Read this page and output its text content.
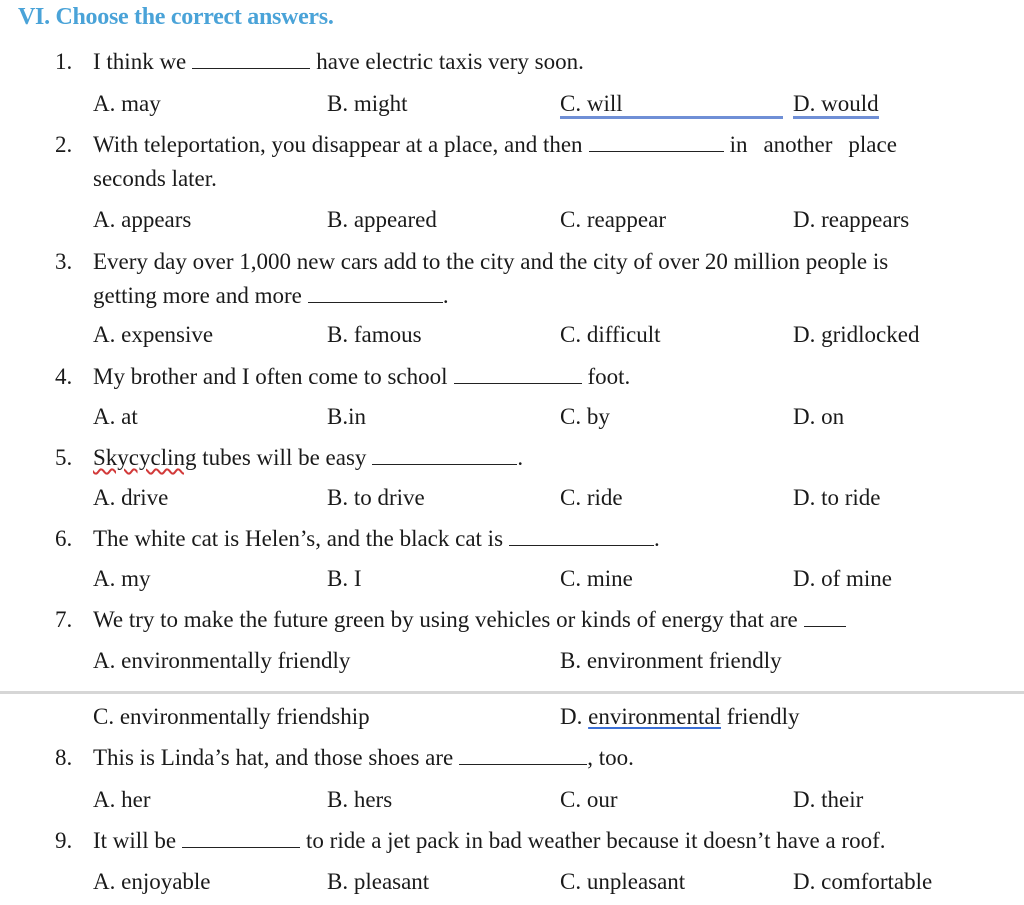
VI. Choose the correct answers.
1. I think we	have electric taxis very soon.
A. may	B. might	C. will	D. would
2. With teleportation, you disappear at a place, and then	in another place
seconds later.
A. appears	B. appeared	C. reappear	D. reappears
3. Every day over 1,000 new cars add to the city and the city of over 20 million people is
getting more and more	.
A. expensive	B. famous	C. difficult	D. gridlocked
4. My brother and I often come to school	foot.
A. at	B.in	C. by	D. on
5. Skycycling tubes will be easy	.
A. drive	B. to drive	C. ride	D. to ride
6. The white cat is Helen’s, and the black cat is	.
A. my	B. I	C. mine	D. of mine
7. We try to make the future green by using vehicles or kinds of energy that are
A. environmentally friendly	B. environment friendly
C. environmentally friendship	D. environmental friendly
8. This is Linda’s hat, and those shoes are	, too.
A. her	B. hers	C. our	D. their
9. It will be	to ride a jet pack in bad weather because it doesn’t have a roof.
A. enjoyable	B. pleasant	C. unpleasant	D. comfortable
